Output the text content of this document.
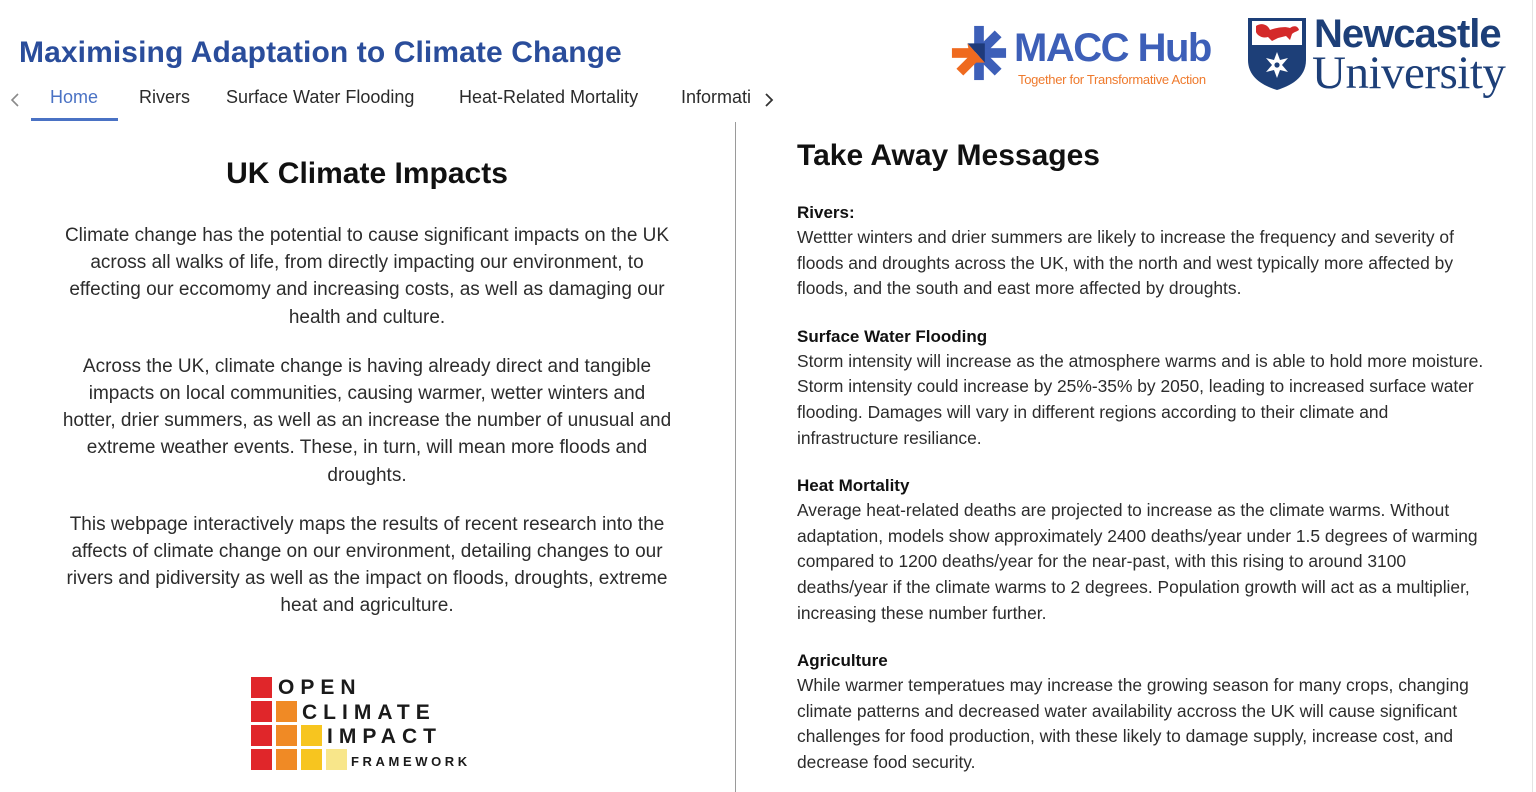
Maximising Adaptation to Climate Change
Home Rivers Surface Water Flooding Heat-Related Mortality Informati
MACC Hub
Together for Transformative Action
Newcastle
University
UK Climate Impacts

Climate change has the potential to cause significant impacts on the UK across all walks of life, from directly impacting our environment, to effecting our eccomomy and increasing costs, as well as damaging our health and culture.

Across the UK, climate change is having already direct and tangible impacts on local communities, causing warmer, wetter winters and hotter, drier summers, as well as an increase the number of unusual and extreme weather events. These, in turn, will mean more floods and droughts.

This webpage interactively maps the results of recent research into the affects of climate change on our environment, detailing changes to our rivers and pidiversity as well as the impact on floods, droughts, extreme heat and agriculture.

OPEN
CLIMATE
IMPACT
FRAMEWORK
Take Away Messages
Rivers:
Wettter winters and drier summers are likely to increase the frequency and severity of floods and droughts across the UK, with the north and west typically more affected by floods, and the south and east more affected by droughts.
Surface Water Flooding
Storm intensity will increase as the atmosphere warms and is able to hold more moisture. Storm intensity could increase by 25%-35% by 2050, leading to increased surface water flooding. Damages will vary in different regions according to their climate and infrastructure resiliance.
Heat Mortality
Average heat-related deaths are projected to increase as the climate warms. Without adaptation, models show approximately 2400 deaths/year under 1.5 degrees of warming compared to 1200 deaths/year for the near-past, with this rising to around 3100 deaths/year if the climate warms to 2 degrees. Population growth will act as a multiplier, increasing these number further.
Agriculture
While warmer temperatues may increase the growing season for many crops, changing climate patterns and decreased water availability accross the UK will cause significant challenges for food production, with these likely to damage supply, increase cost, and decrease food security.
